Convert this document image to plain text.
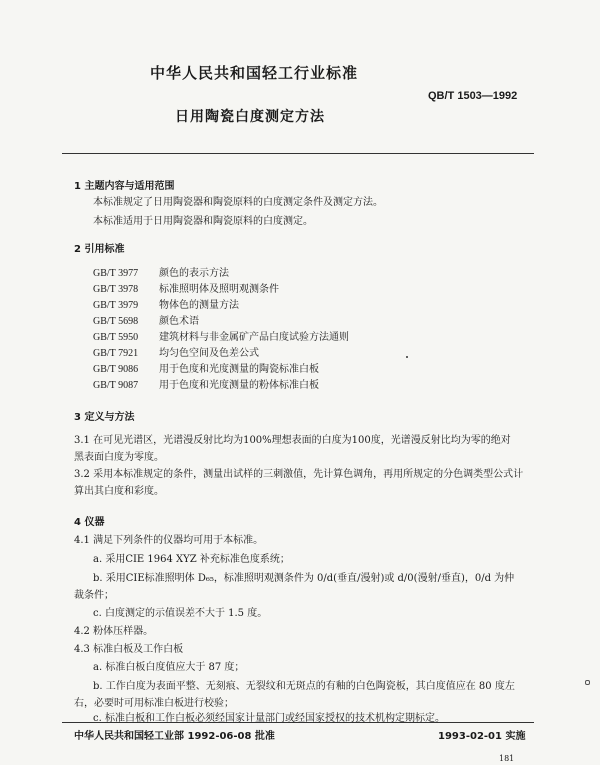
中华人民共和国轻工行业标准
QB/T 1503—1992
日用陶瓷白度测定方法
1 主题内容与适用范围
本标准规定了日用陶瓷器和陶瓷原料的白度测定条件及测定方法。
本标准适用于日用陶瓷器和陶瓷原料的白度测定。
2 引用标准
GB/T 3977 颜色的表示方法
GB/T 3978 标准照明体及照明观测条件
GB/T 3979 物体色的测量方法
GB/T 5698 颜色术语
GB/T 5950 建筑材料与非金属矿产品白度试验方法通则
GB/T 7921 均匀色空间及色差公式
GB/T 9086 用于色度和光度测量的陶瓷标准白板
GB/T 9087 用于色度和光度测量的粉体标准白板
3 定义与方法
3.1 在可见光谱区，光谱漫反射比均为100%理想表面的白度为100度，光谱漫反射比均为零的绝对
黑表面白度为零度。
3.2 采用本标准规定的条件，测量出试样的三刺激值，先计算色调角，再用所规定的分色调类型公式计
算出其白度和彩度。
4 仪器
4.1 满足下列条件的仪器均可用于本标准。
a. 采用CIE 1964 XYZ 补充标准色度系统；
b. 采用CIE标准照明体 D₆₅，标准照明观测条件为 0/d(垂直/漫射)或 d/0(漫射/垂直)，0/d 为仲
裁条件；
c. 白度测定的示值误差不大于 1.5 度。
4.2 粉体压样器。
4.3 标准白板及工作白板
a. 标准白板白度值应大于 87 度；
b. 工作白度为表面平整、无刻痕、无裂纹和无斑点的有釉的白色陶瓷板，其白度值应在 80 度左
右，必要时可用标准白板进行校验；
c. 标准白板和工作白板必须经国家计量部门或经国家授权的技术机构定期标定。
中华人民共和国轻工业部 1992-06-08 批准	1993-02-01 实施
181
